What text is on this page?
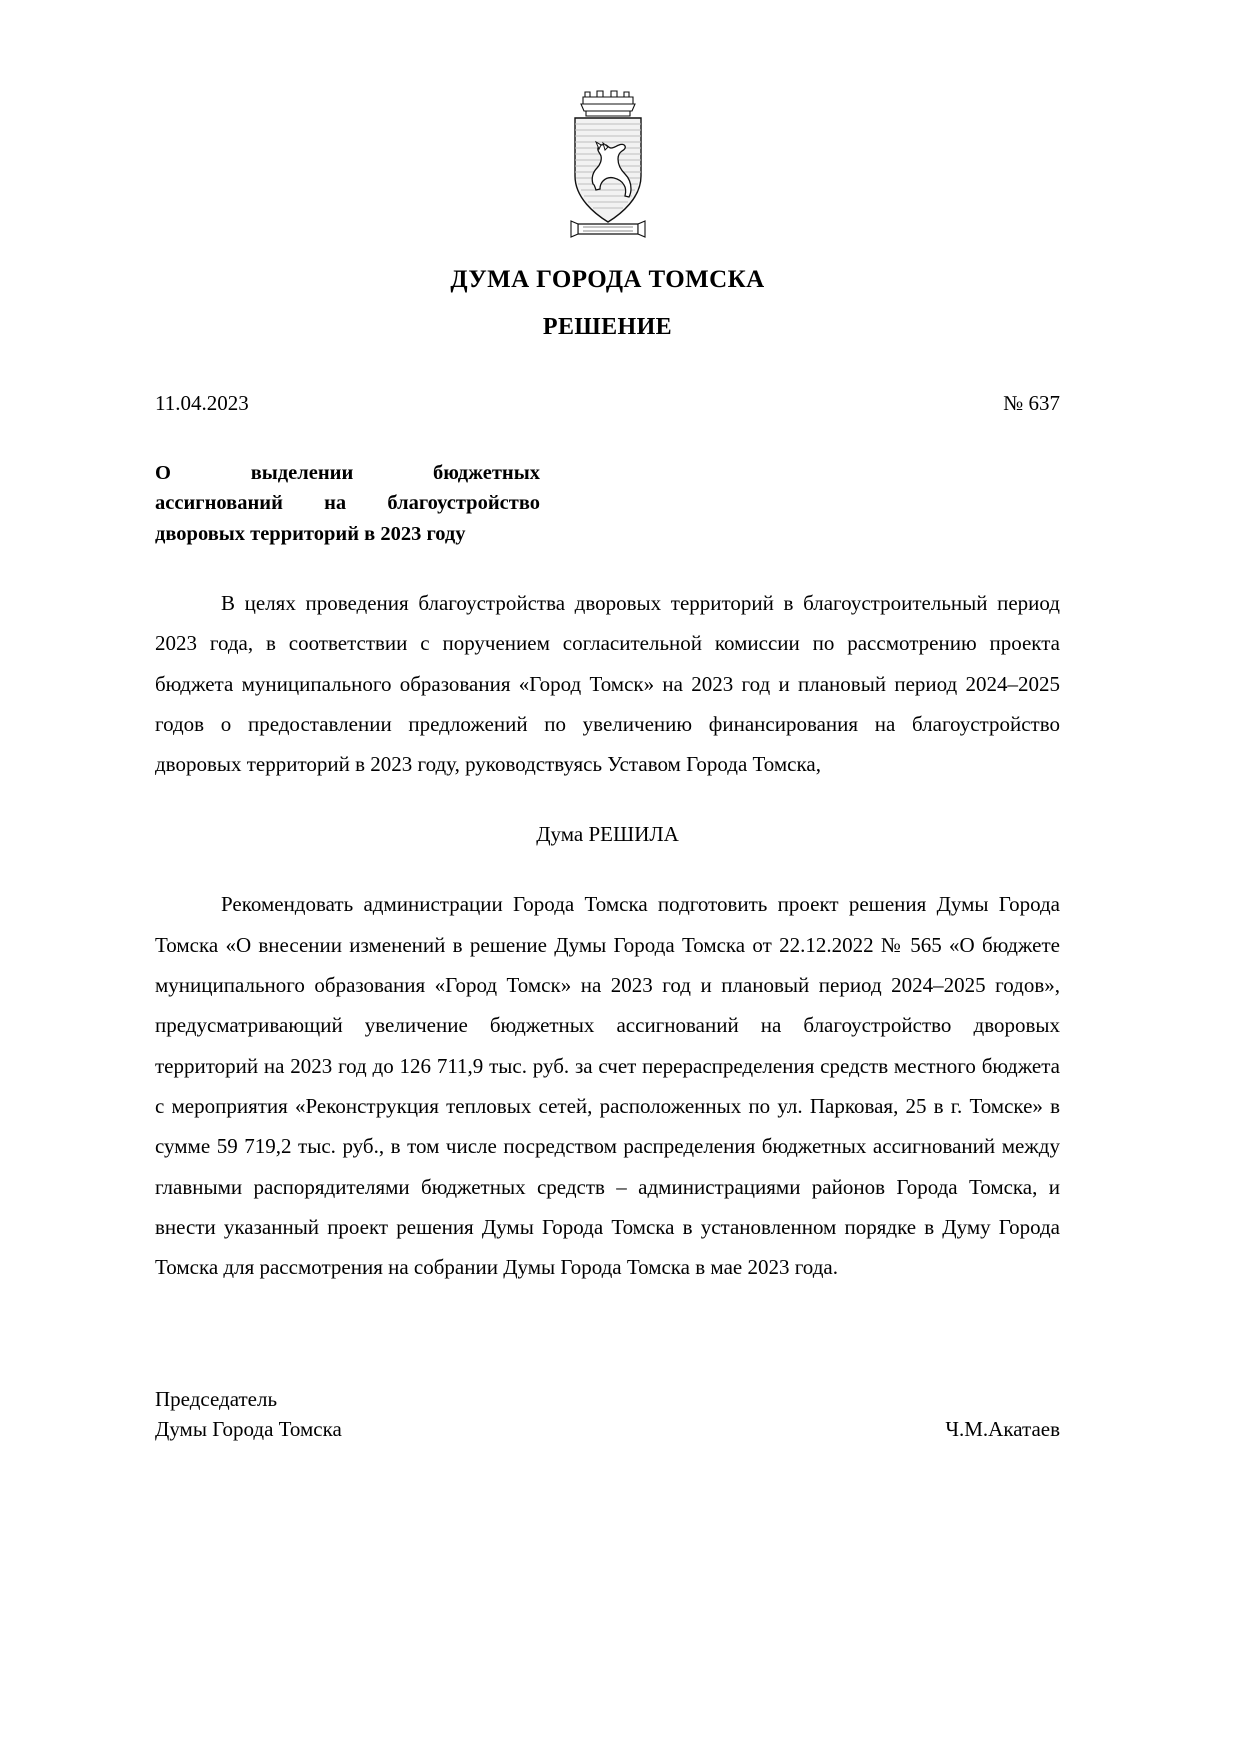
ДУМА ГОРОДА ТОМСКА
РЕШЕНИЕ
11.04.2023	№ 637
О выделении бюджетных
ассигнований на благоустройство
дворовых территорий в 2023 году

В целях проведения благоустройства дворовых территорий в благоустроительный период 2023 года, в соответствии с поручением согласительной комиссии по рассмотрению проекта бюджета муниципального образования «Город Томск» на 2023 год и плановый период 2024–2025 годов о предоставлении предложений по увеличению финансирования на благоустройство дворовых территорий в 2023 году, руководствуясь Уставом Города Томска,

Дума РЕШИЛА

Рекомендовать администрации Города Томска подготовить проект решения Думы Города Томска «О внесении изменений в решение Думы Города Томска от 22.12.2022 № 565 «О бюджете муниципального образования «Город Томск» на 2023 год и плановый период 2024–2025 годов», предусматривающий увеличение бюджетных ассигнований на благоустройство дворовых территорий на 2023 год до 126 711,9 тыс. руб. за счет перераспределения средств местного бюджета с мероприятия «Реконструкция тепловых сетей, расположенных по ул. Парковая, 25 в г. Томске» в сумме 59 719,2 тыс. руб., в том числе посредством распределения бюджетных ассигнований между главными распорядителями бюджетных средств – администрациями районов Города Томска, и внести указанный проект решения Думы Города Томска в установленном порядке в Думу Города Томска для рассмотрения на собрании Думы Города Томска в мае 2023 года.

Председатель
Думы Города Томска	Ч.М.Акатаев
